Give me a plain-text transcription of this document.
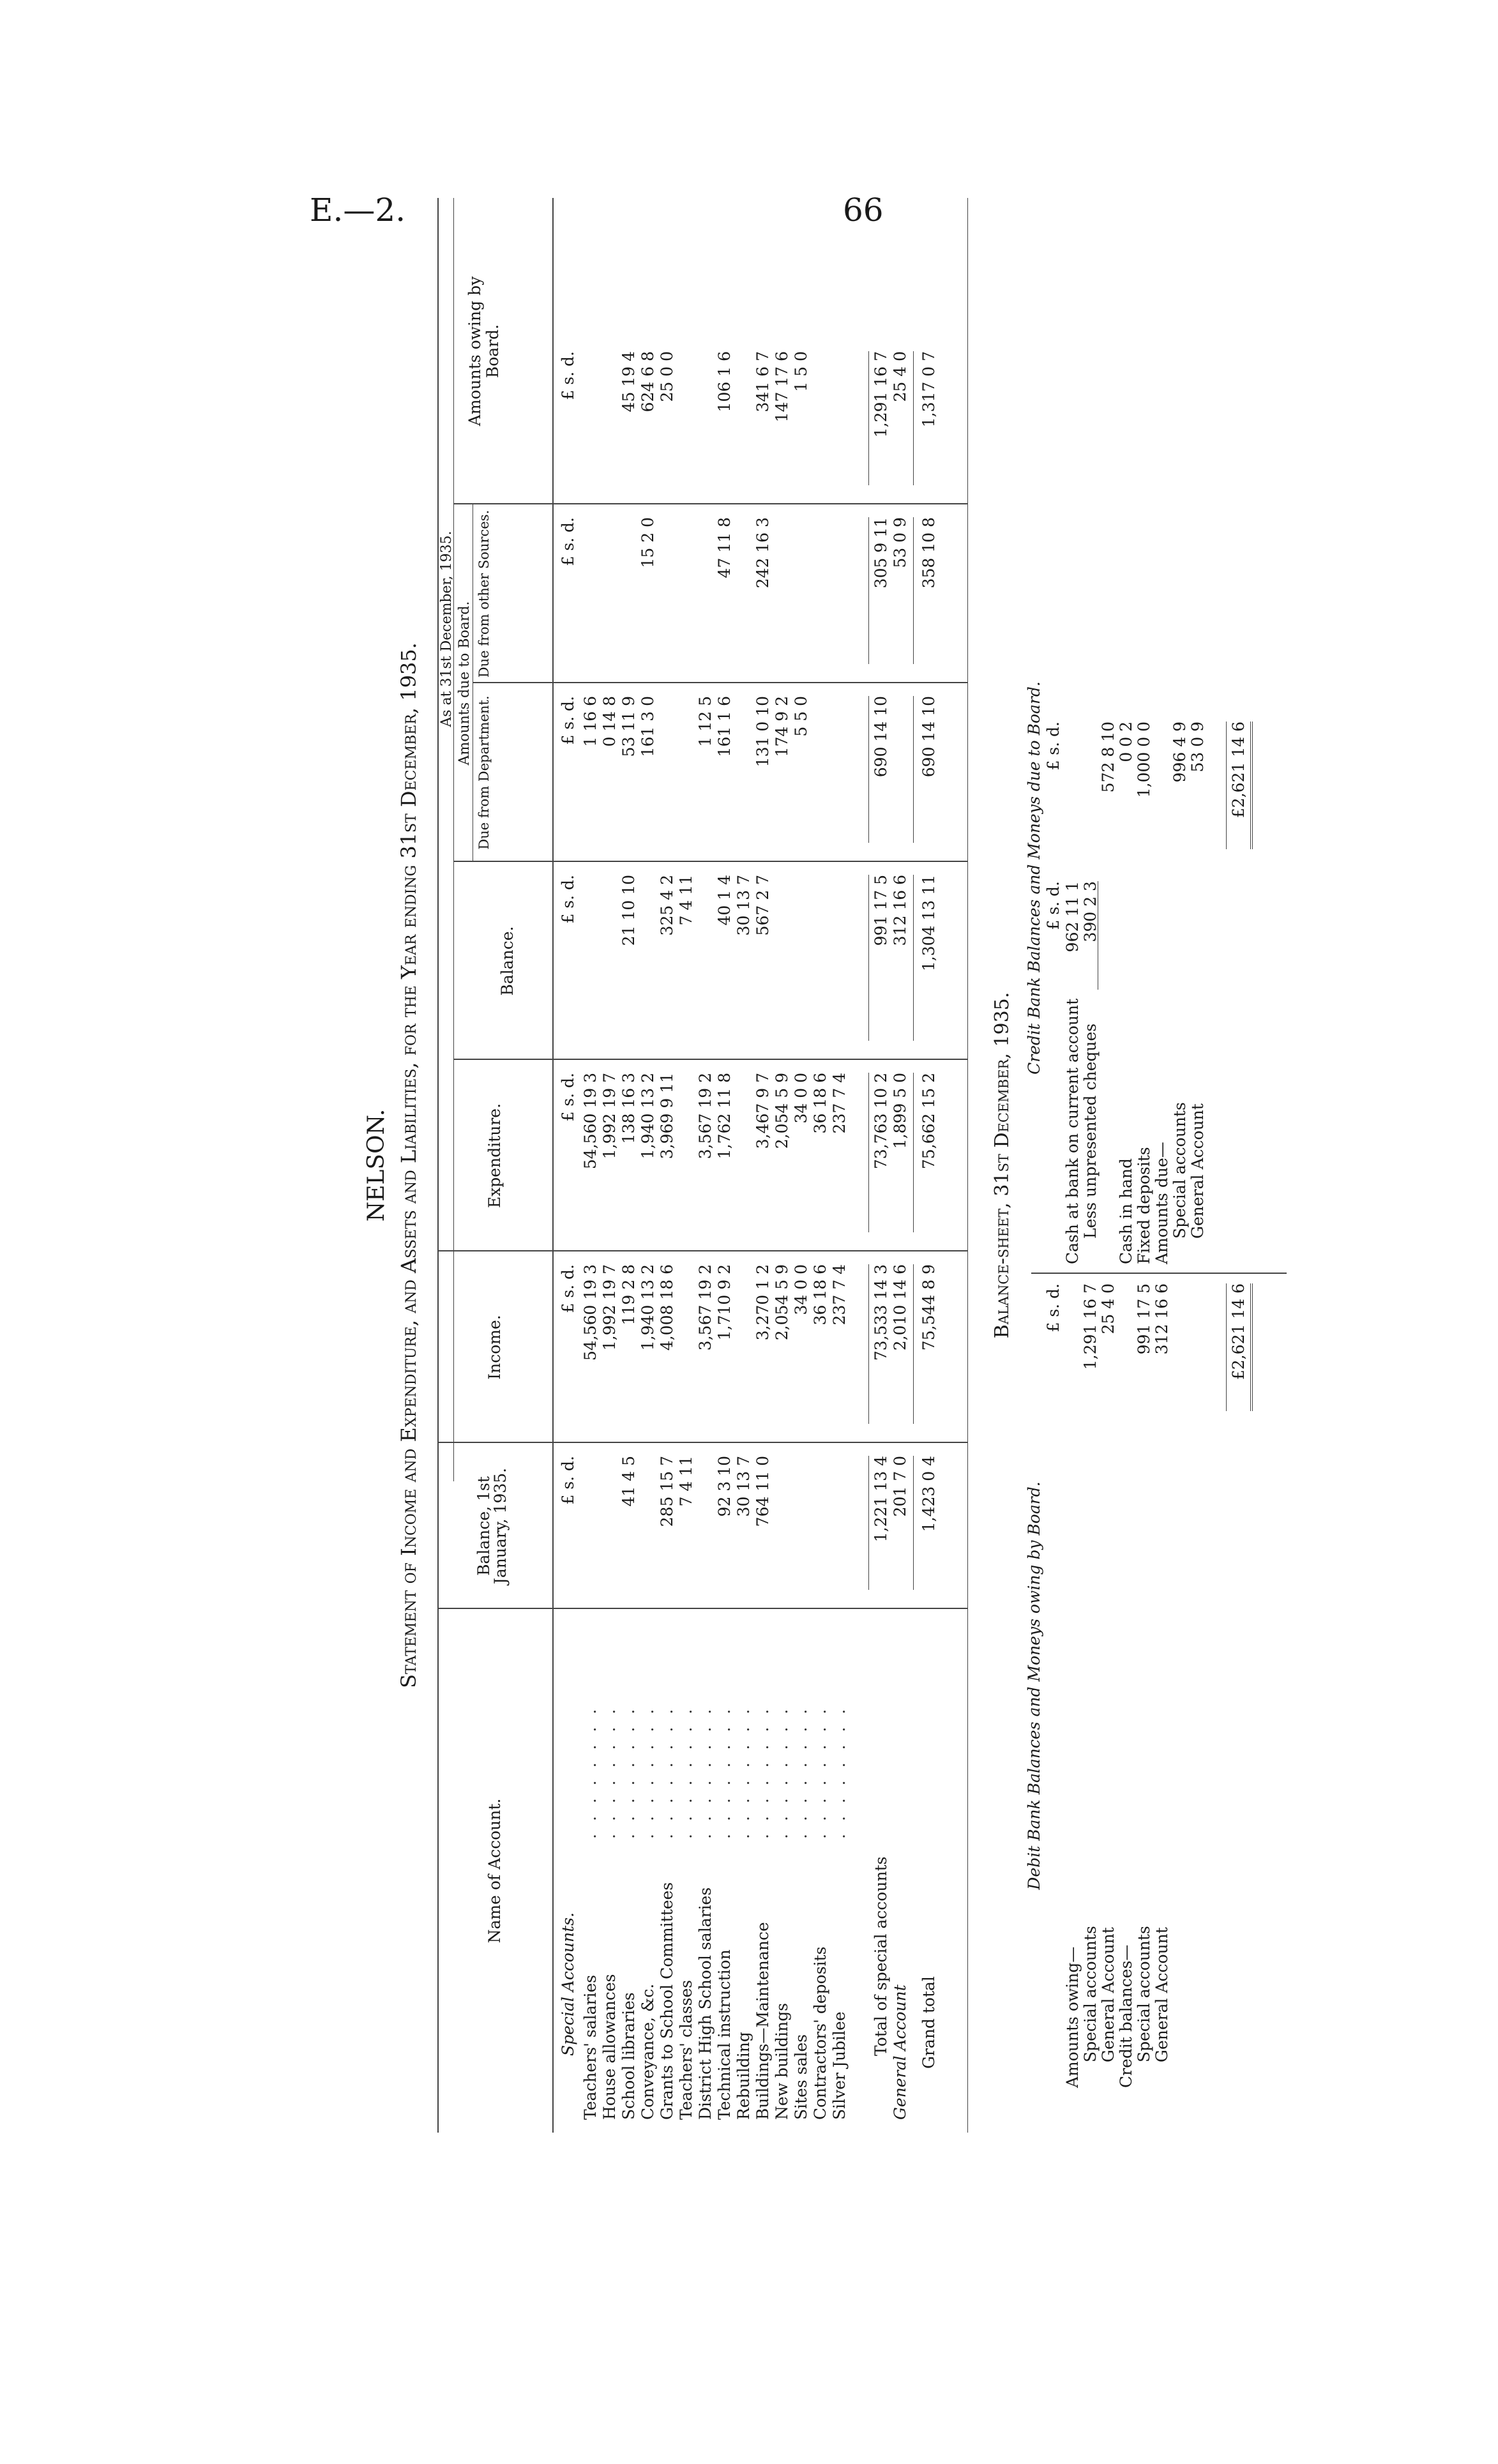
E.—2.	66
NELSON. Statement of Income and Expenditure, and Assets and Liabilities, for the Year ending 31st December, 1935.
Name of Account.
Balance, 1st January, 1935.
Income.
Expenditure.
As at 31st December, 1935.
Balance.
Amounts due to Board.
Due from Department.
Due from other Sources.
Amounts owing by Board.
£ s. d.
£ s. d.
£ s. d.
£ s. d.
£ s. d.
£ s. d.
£ s. d.
Special Accounts. Teachers' salaries
. . . . . . . .
54,560 19 3
54,560 19 3
1 16 6
House allowances
. . . . . . . .
1,992 19 7
1,992 19 7
0 14 8
School libraries
. . . . . . . .
41 4 5
119 2 8
138 16 3
21 10 10
53 11 9
45 19 4
Conveyance, &c.
. . . . . . . .
1,940 13 2
1,940 13 2
161 3 0
15 2 0
624 6 8
Grants to School Committees
. . . . . . . .
285 15 7
4,008 18 6
3,969 9 11
325 4 2
25 0 0
Teachers' classes
. . . . . . . .
7 4 11
7 4 11
District High School salaries
. . . . . . . .
3,567 19 2
3,567 19 2
1 12 5
Technical instruction
. . . . . . . .
92 3 10
1,710 9 2
1,762 11 8
40 1 4
161 1 6
47 11 8
106 1 6
Rebuilding
. . . . . . . .
30 13 7
30 13 7
Buildings—Maintenance
. . . . . . . .
764 11 0
3,270 1 2
3,467 9 7
567 2 7
131 0 10
242 16 3
341 6 7
New buildings
. . . . . . . .
2,054 5 9
2,054 5 9
174 9 2
147 17 6
Sites sales
. . . . . . . .
34 0 0
34 0 0
5 5 0
1 5 0
Contractors' deposits
. . . . . . . .
36 18 6
36 18 6
Silver Jubilee
. . . . . . . .
237 7 4
237 7 4
Total of special accounts
1,221 13 4
73,533 14 3
73,763 10 2
991 17 5
690 14 10
305 9 11
1,291 16 7
General Account
201 7 0
2,010 14 6
1,899 5 0
312 16 6
53 0 9
25 4 0
Grand total
1,423 0 4
75,544 8 9
75,662 15 2
1,304 13 11
690 14 10
358 10 8
1,317 0 7
Balance-sheet, 31st December, 1935.
Debit Bank Balances and Moneys owing by Board.
Credit Bank Balances and Moneys due to Board.
£ s. d.
£ s. d.
£ s. d.
Amounts owing— Special accounts
1,291 16 7
General Account
25 4 0
Credit balances— Special accounts
991 17 5
General Account
312 16 6
Cash at bank on current account
962 11 1
Less unpresented cheques
390 2 3
572 8 10
Cash in hand
0 0 2
Fixed deposits
1,000 0 0
Amounts due— Special accounts
996 4 9
General Account
53 0 9
£2,621 14 6
£2,621 14 6
